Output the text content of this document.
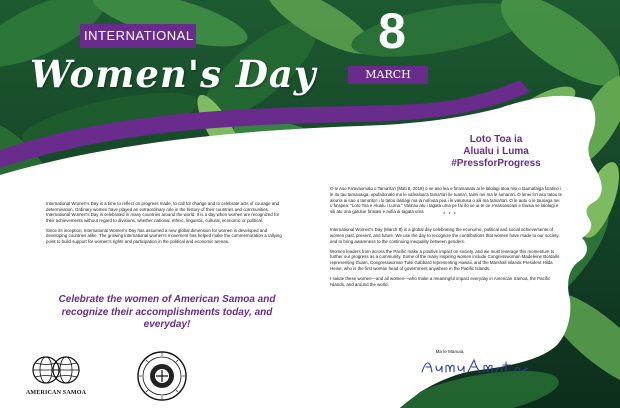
INTERNATIONAL
Women's Day
8
MARCH

International Women's Day is a time to reflect on progress made, to call for change and to celebrate acts of courage and determination. Ordinary women have played an extraordinary role in the history of their countries and communities. International Women's Day is celebrated in many countries around the world. It is a day when women are recognized for their achievements without regard to divisions, whether national, ethnic, linguistic, cultural, economic or political.

Since its inception, International Women's Day has assumed a new global dimension for women in developed and developing countries alike. The growing international women's movement has helped make the commemoration a rallying point to build support for women's rights and participation in the political and economic arenas.

Celebrate the women of American Samoa and recognize their accomplishments today, and everyday!
AMERICAN SAMOA
Loto Toa ia
Alualu i Luma
#PressforProgress

O le Aso Fa'avaomalo o Tama'ita'i (Mati 8, 2018) o se aso lea e fa'amanatu ai le lalolagi atoa nisi o taumafaiga fa'atino i le itu tau tamaoaiga, upufaitonalo ma le vafealoai'a tama'ita'i ile tuana'i, taimi nei ma le lumana'i. O lenei fo'i aso tatou te aloa'ia ai sao o tama'ita'i i lo tatou lalolagi ma ia nofouta pea i le vatutusa o alii ma tama'ita'i. O le autu o le tausaga nei o fa'apea: "Loto Toa e Alualu i Luma." Vala'au atu i tagata uma pe fai ifo oe ia te oe e'easoasoani e fausia se lalolagi e sili atu ona galulue fa'atasi e aofia ai tagata uma

International Women's Day (March 8) is a global day celebrating the economic, political and social achievements of women past, present, and future. We use the day to recognize the contributions that women have made to our society, and to bring awareness to the continuing inequality between genders.

Women leaders from across the Pacific make a positive impact on society, and we must leverage this momentum to further our progress as a community. Some of the many inspiring women include Congresswoman Madeleine Bordallo representing Guam, Congresswoman Tulsi Gabbard representing Hawaii, and the Marshall Islands President Hilda Heine, who is the first woman head of government anywhere in the Pacific Islands.

I salute these women—and all women—who make a meaningful impact everyday in American Samoa, the Pacific Islands, and around the world.

* * *
Ma le Manuia,
